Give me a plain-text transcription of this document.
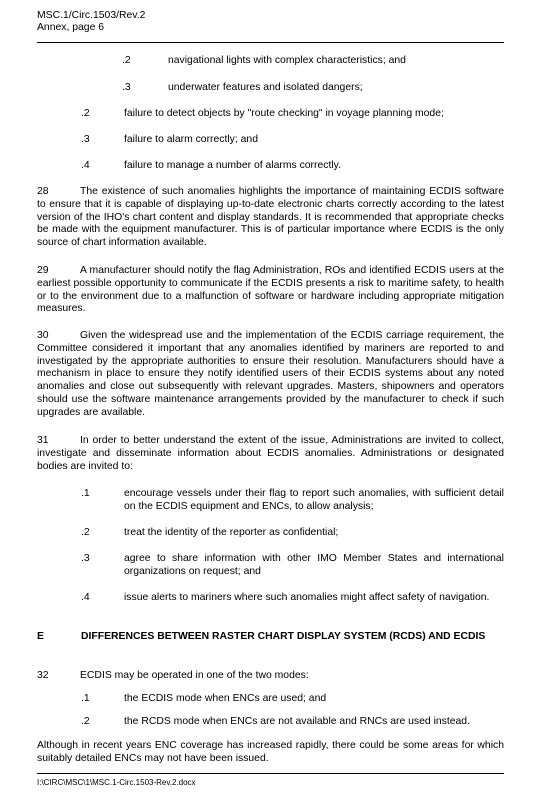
MSC.1/Circ.1503/Rev.2
Annex, page 6
.2	navigational lights with complex characteristics; and
.3	underwater features and isolated dangers;
.2	failure to detect objects by "route checking" in voyage planning mode;
.3	failure to alarm correctly; and
.4	failure to manage a number of alarms correctly.
28	The existence of such anomalies highlights the importance of maintaining ECDIS software to ensure that it is capable of displaying up-to-date electronic charts correctly according to the latest version of the IHO's chart content and display standards. It is recommended that appropriate checks be made with the equipment manufacturer. This is of particular importance where ECDIS is the only source of chart information available.
29	A manufacturer should notify the flag Administration, ROs and identified ECDIS users at the earliest possible opportunity to communicate if the ECDIS presents a risk to maritime safety, to health or to the environment due to a malfunction of software or hardware including appropriate mitigation measures.
30	Given the widespread use and the implementation of the ECDIS carriage requirement, the Committee considered it important that any anomalies identified by mariners are reported to and investigated by the appropriate authorities to ensure their resolution. Manufacturers should have a mechanism in place to ensure they notify identified users of their ECDIS systems about any noted anomalies and close out subsequently with relevant upgrades. Masters, shipowners and operators should use the software maintenance arrangements provided by the manufacturer to check if such upgrades are available.
31	In order to better understand the extent of the issue, Administrations are invited to collect, investigate and disseminate information about ECDIS anomalies. Administrations or designated bodies are invited to:
.1	encourage vessels under their flag to report such anomalies, with sufficient detail on the ECDIS equipment and ENCs, to allow analysis;
.2	treat the identity of the reporter as confidential;
.3	agree to share information with other IMO Member States and international organizations on request; and
.4	issue alerts to mariners where such anomalies might affect safety of navigation.
E	DIFFERENCES BETWEEN RASTER CHART DISPLAY SYSTEM (RCDS) AND ECDIS
32	ECDIS may be operated in one of the two modes:
.1	the ECDIS mode when ENCs are used; and
.2	the RCDS mode when ENCs are not available and RNCs are used instead.
Although in recent years ENC coverage has increased rapidly, there could be some areas for which suitably detailed ENCs may not have been issued.
I:\CIRC\MSC\1\MSC.1-Circ.1503-Rev.2.docx
